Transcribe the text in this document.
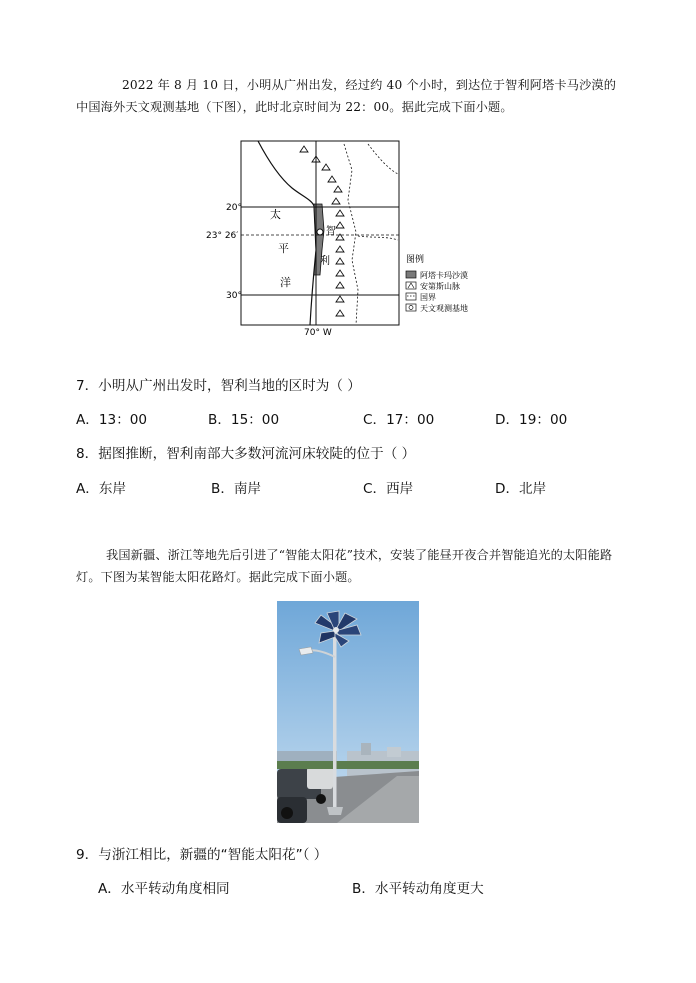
2022 年 8 月 10 日，小明从广州出发，经过约 40 个小时，到达位于智利阿塔卡马沙漠的中国海外天文观测基地（下图），此时北京时间为 22：00。据此完成下面小题。
20°
23° 26′
30°
70° W
太
平
洋
智
利	图例
阿塔卡玛沙漠
安第斯山脉
国界
天文观测基地
7．小明从广州出发时，智利当地的区时为（ ）
A．13：00	B．15：00	C．17：00	D．19：00
8．据图推断，智利南部大多数河流河床较陡的位于（ ）
A．东岸	B．南岸	C．西岸	D．北岸
我国新疆、浙江等地先后引进了“智能太阳花”技术，安装了能昼开夜合并智能追光的太阳能路灯。下图为某智能太阳花路灯。据此完成下面小题。
9．与浙江相比，新疆的“智能太阳花”（ ）
A．水平转动角度相同	B．水平转动角度更大
